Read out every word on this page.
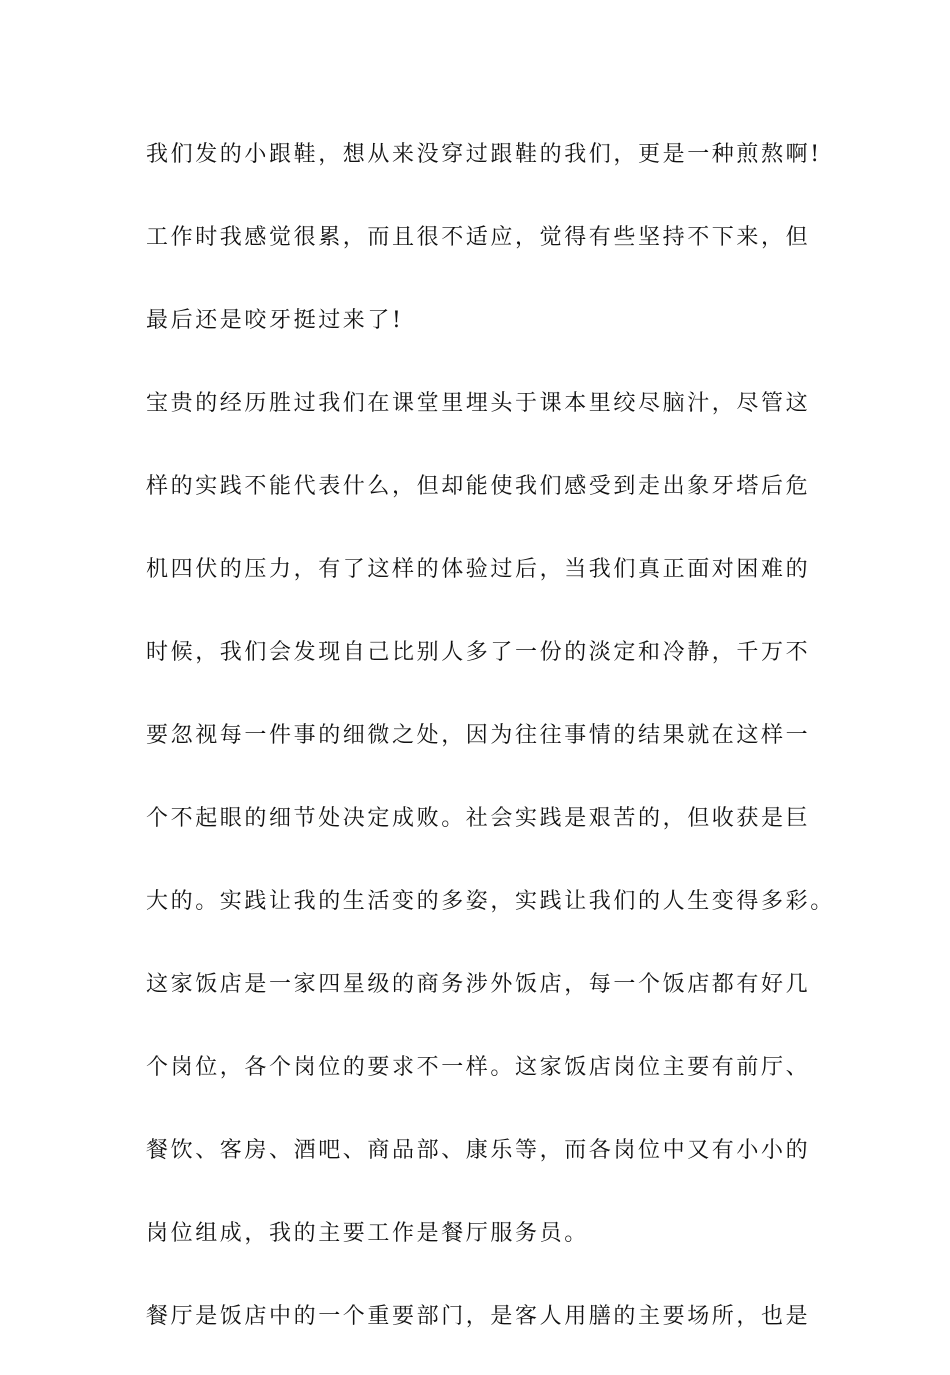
我们发的小跟鞋，想从来没穿过跟鞋的我们，更是一种煎熬啊!
工作时我感觉很累，而且很不适应，觉得有些坚持不下来，但
最后还是咬牙挺过来了!
宝贵的经历胜过我们在课堂里埋头于课本里绞尽脑汁，尽管这
样的实践不能代表什么，但却能使我们感受到走出象牙塔后危
机四伏的压力，有了这样的体验过后，当我们真正面对困难的
时候，我们会发现自己比别人多了一份的淡定和冷静，千万不
要忽视每一件事的细微之处，因为往往事情的结果就在这样一
个不起眼的细节处决定成败。社会实践是艰苦的，但收获是巨
大的。实践让我的生活变的多姿，实践让我们的人生变得多彩。
这家饭店是一家四星级的商务涉外饭店，每一个饭店都有好几
个岗位，各个岗位的要求不一样。这家饭店岗位主要有前厅、
餐饮、客房、酒吧、商品部、康乐等，而各岗位中又有小小的
岗位组成，我的主要工作是餐厅服务员。
餐厅是饭店中的一个重要部门，是客人用膳的主要场所，也是
